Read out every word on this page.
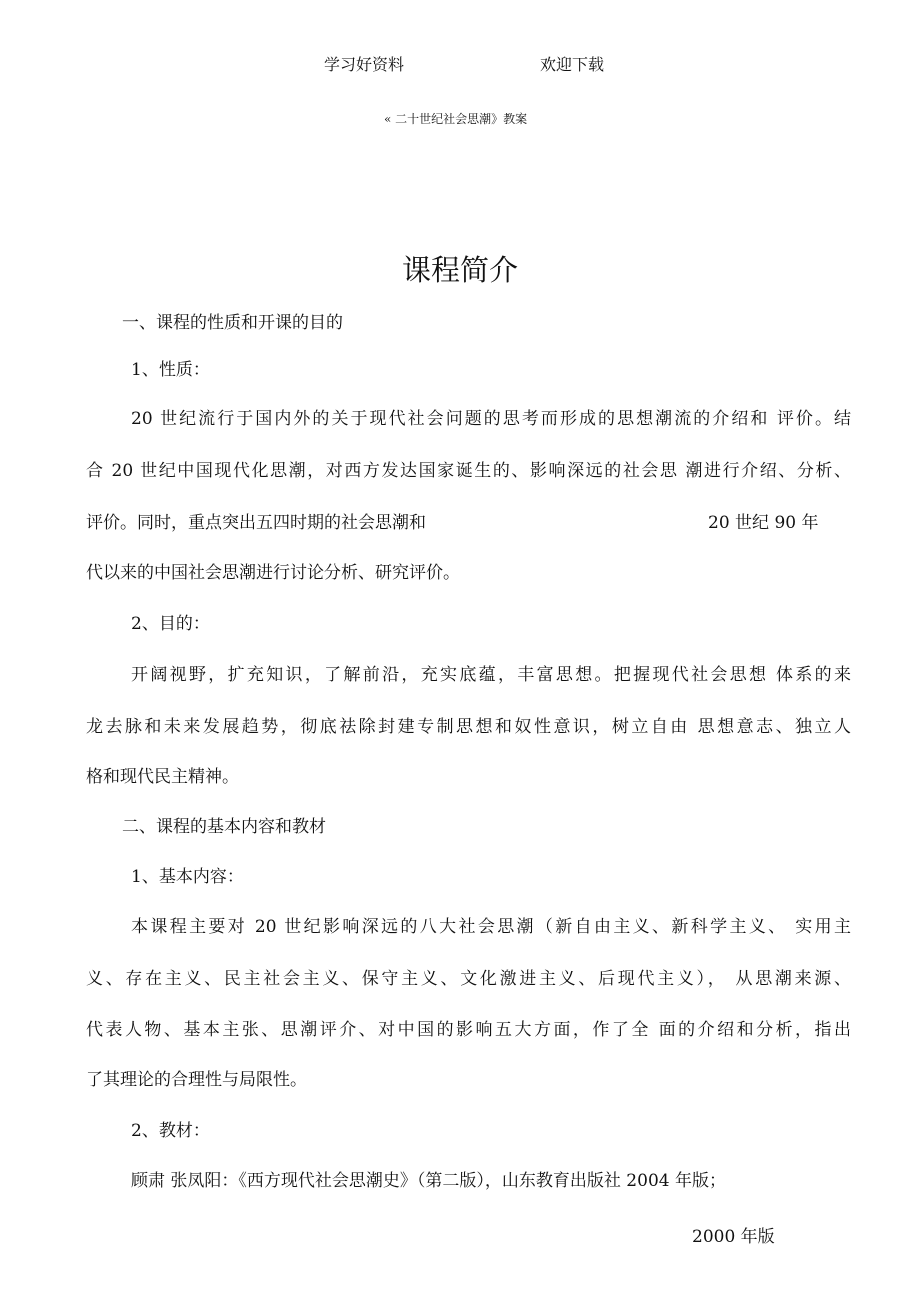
学习好资料	欢迎下载
« 二十世纪社会思潮》教案
课程简介
一、课程的性质和开课的目的
1、性质：
20 世纪流行于国内外的关于现代社会问题的思考而形成的思想潮流的介绍和 评价。结
合 20 世纪中国现代化思潮，对西方发达国家诞生的、影响深远的社会思 潮进行介绍、分析、
评价。同时，重点突出五四时期的社会思潮和	20 世纪 90 年
代以来的中国社会思潮进行讨论分析、研究评价。
2、目的：
开阔视野，扩充知识，了解前沿，充实底蕴，丰富思想。把握现代社会思想 体系的来
龙去脉和未来发展趋势，彻底祛除封建专制思想和奴性意识，树立自由 思想意志、独立人
格和现代民主精神。
二、课程的基本内容和教材
1、基本内容：
本课程主要对 20 世纪影响深远的八大社会思潮（新自由主义、新科学主义、 实用主
义、存在主义、民主社会主义、保守主义、文化激进主义、后现代主义）， 从思潮来源、
代表人物、基本主张、思潮评介、对中国的影响五大方面，作了全 面的介绍和分析，指出
了其理论的合理性与局限性。
2、教材：
顾肃 张凤阳：《西方现代社会思潮史》（第二版），山东教育出版社 2004 年版；
2000 年版
